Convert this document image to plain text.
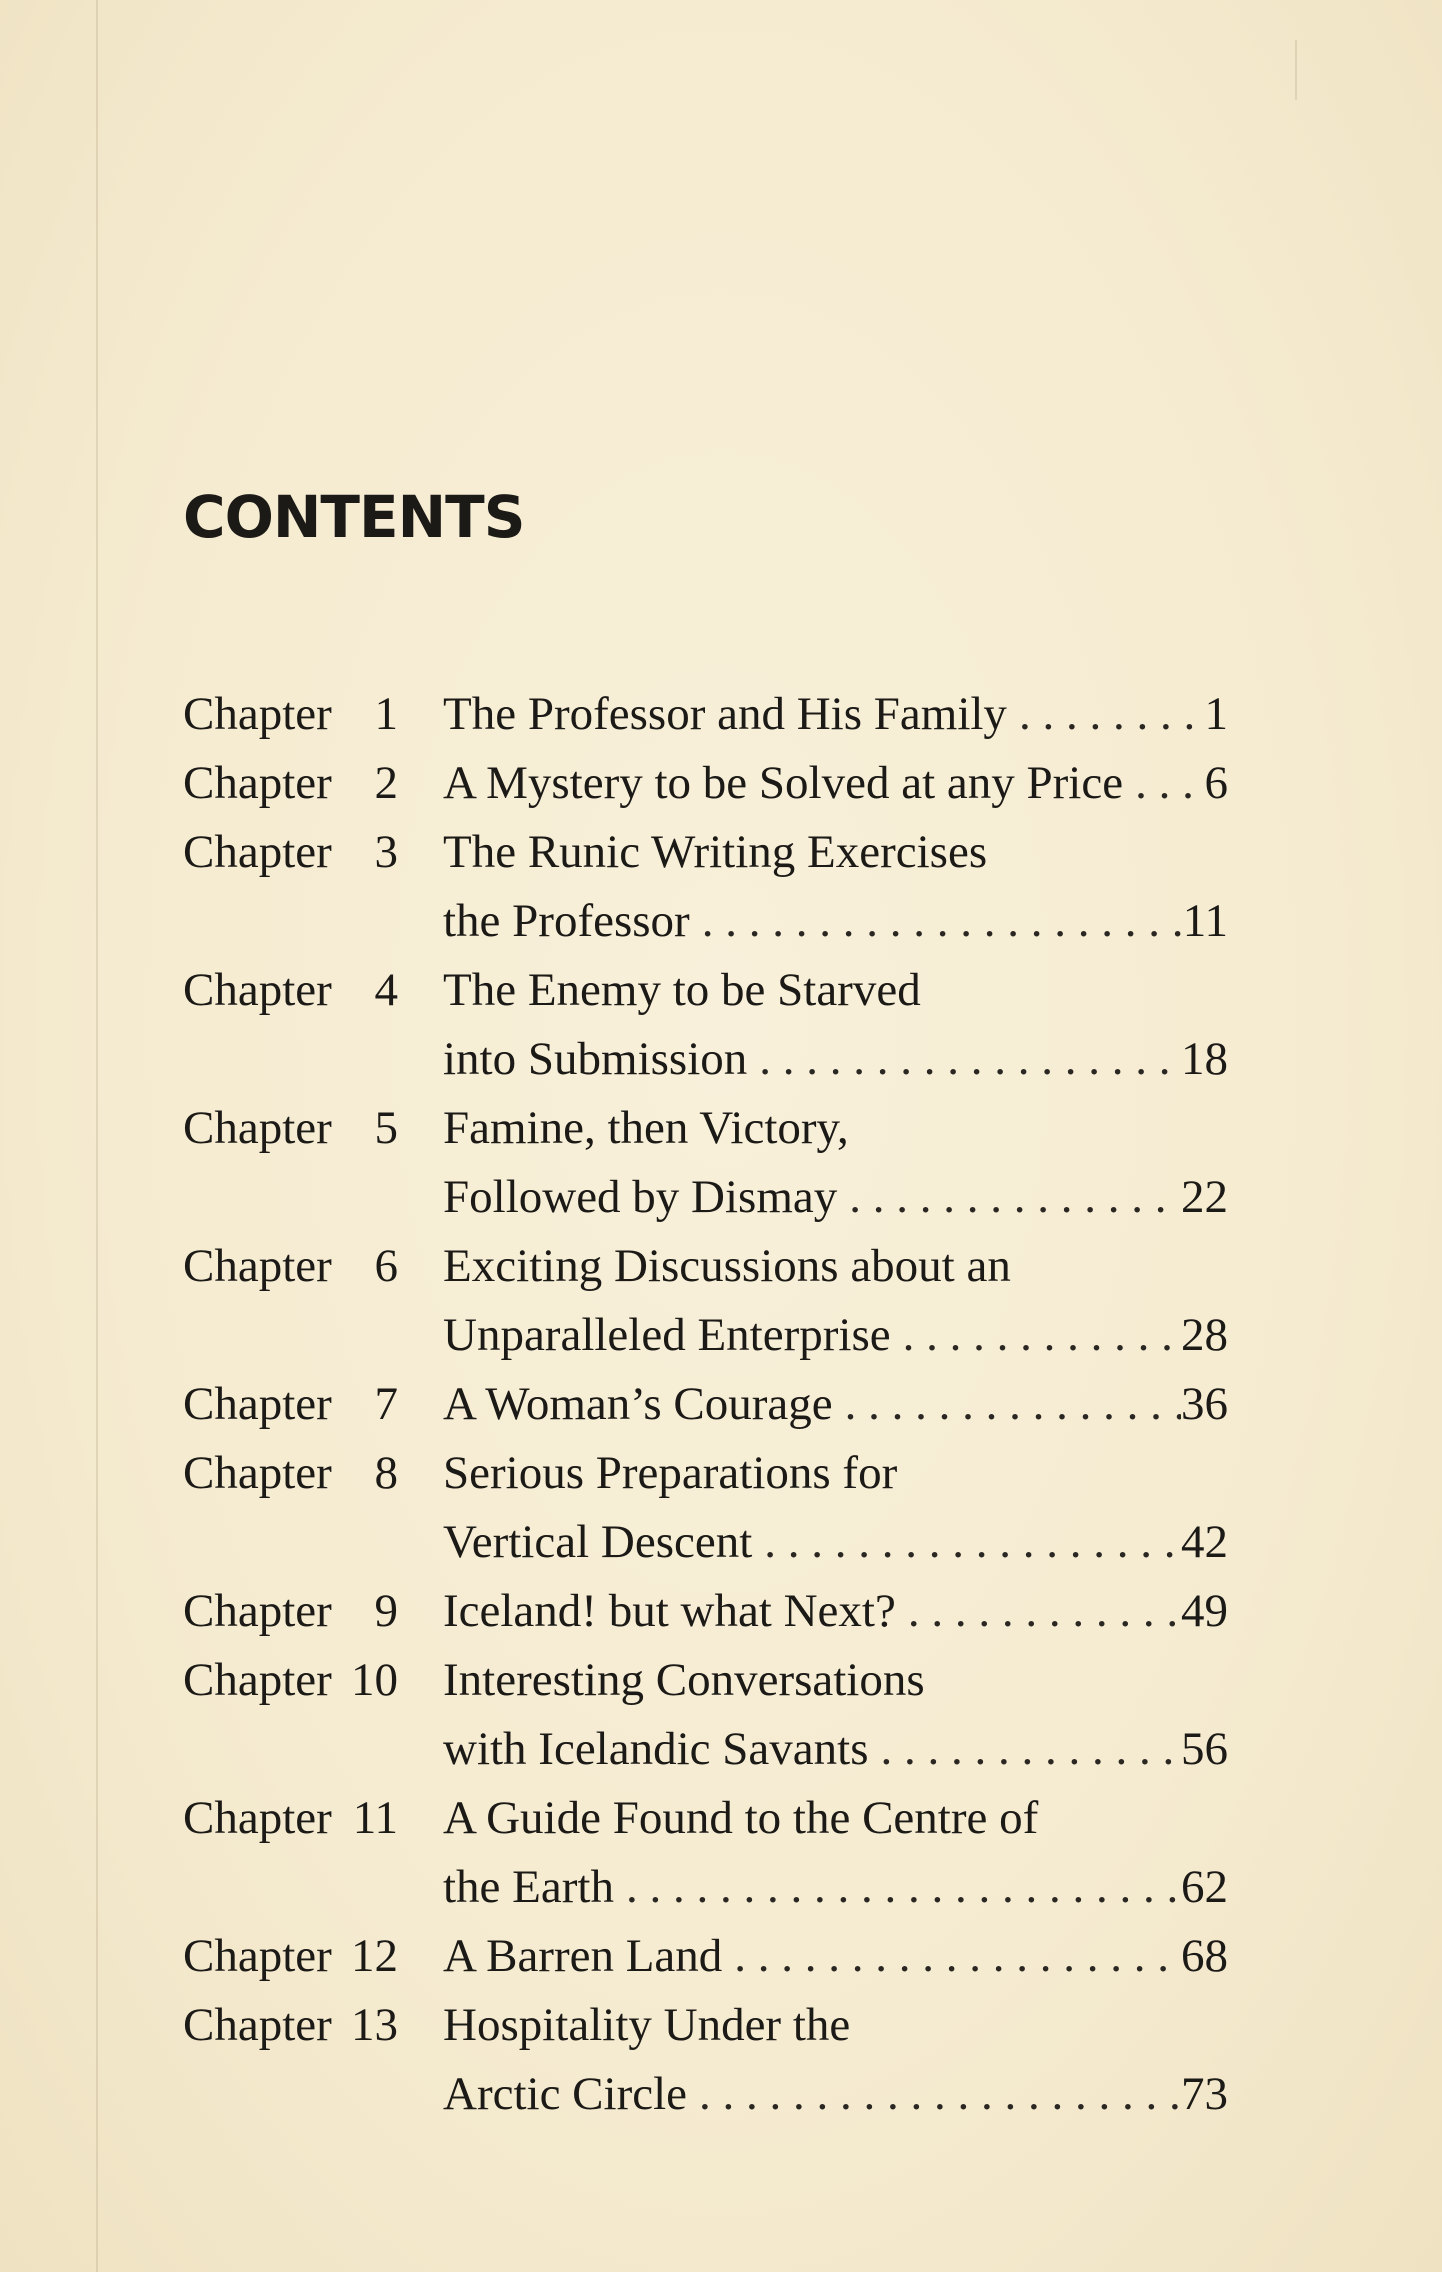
CONTENTS
Chapter 1 The Professor and His Family . . .	1
Chapter 2 A Mystery to be Solved at any Price . . . 6
Chapter 3 The Runic Writing Exercises
the Professor . . .	11
Chapter 4 The Enemy to be Starved
into Submission . . .	18
Chapter 5 Famine, then Victory,
Followed by Dismay . . .	22
Chapter 6 Exciting Discussions about an
Unparalleled Enterprise . . .	28
Chapter 7 A Woman’s Courage . . .	36
Chapter 8 Serious Preparations for
Vertical Descent . . .	42
Chapter 9 Iceland! but what Next? . . .	49
Chapter 10 Interesting Conversations
with Icelandic Savants . . .	56
Chapter 11 A Guide Found to the Centre of
the Earth . . .	62
Chapter 12 A Barren Land . . .	68
Chapter 13 Hospitality Under the
Arctic Circle . . .	73
